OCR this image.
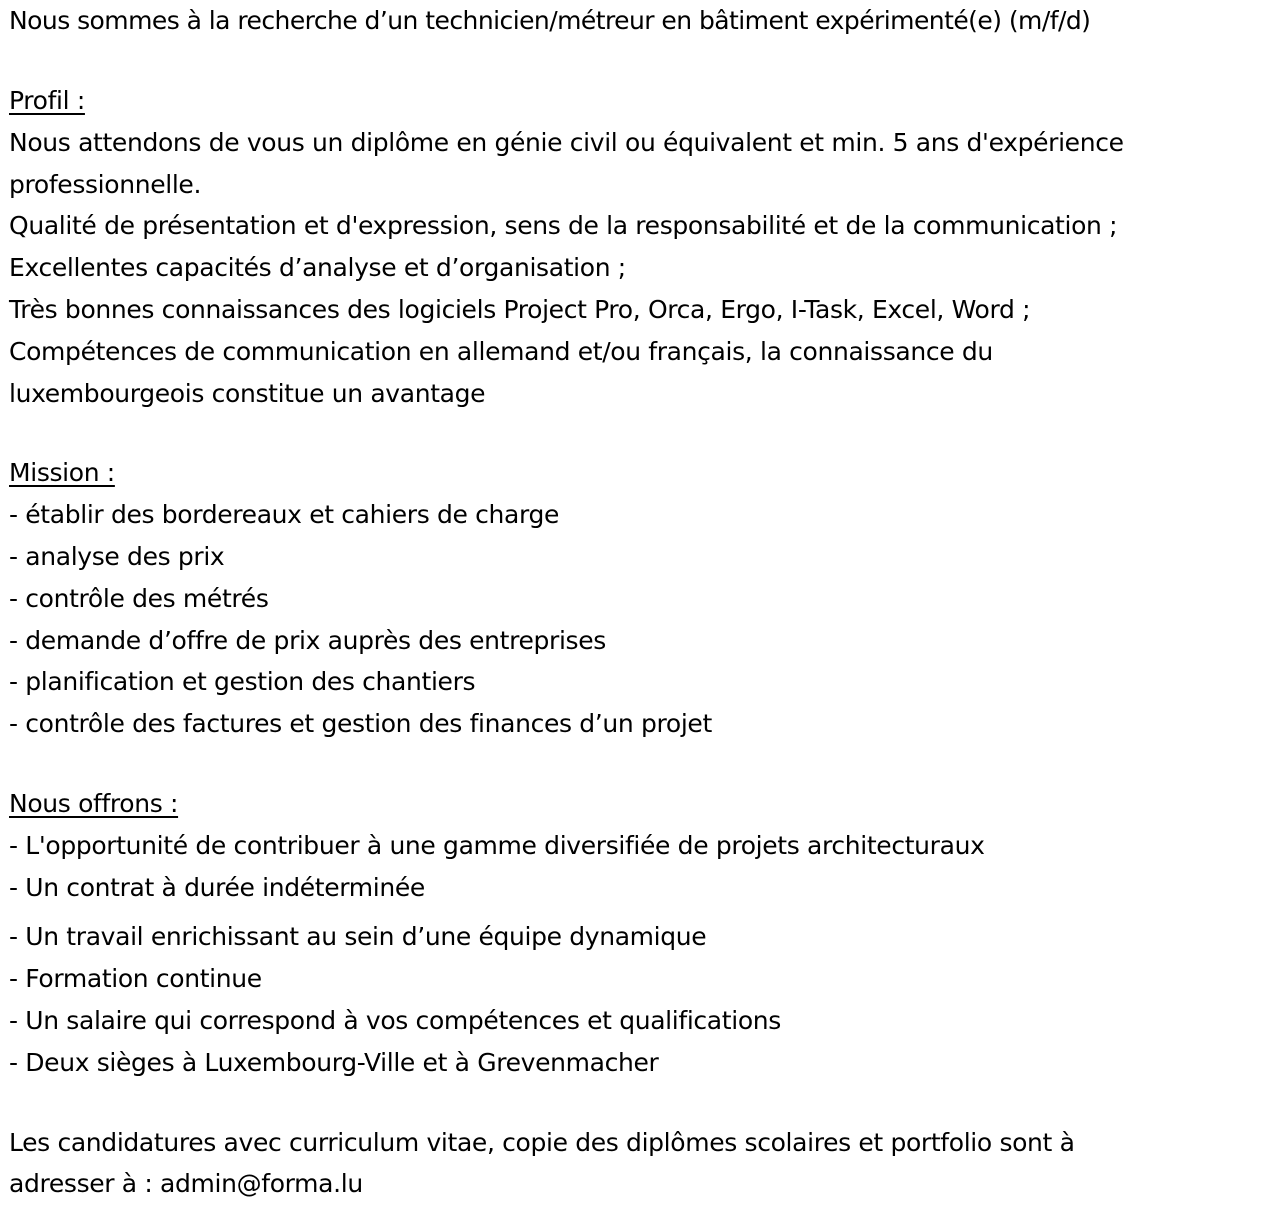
Nous sommes à la recherche d’un technicien/métreur en bâtiment expérimenté(e) (m/f/d)

Profil :

Nous attendons de vous un diplôme en génie civil ou équivalent et min. 5 ans d'expérience

professionnelle.

Qualité de présentation et d'expression, sens de la responsabilité et de la communication ;

Excellentes capacités d’analyse et d’organisation ;

Très bonnes connaissances des logiciels Project Pro, Orca, Ergo, I-Task, Excel, Word ;

Compétences de communication en allemand et/ou français, la connaissance du

luxembourgeois constitue un avantage

Mission :

- établir des bordereaux et cahiers de charge

- analyse des prix

- contrôle des métrés

- demande d’offre de prix auprès des entreprises

- planification et gestion des chantiers

- contrôle des factures et gestion des finances d’un projet

Nous offrons :

- L'opportunité de contribuer à une gamme diversifiée de projets architecturaux

- Un contrat à durée indéterminée

- Un travail enrichissant au sein d’une équipe dynamique

- Formation continue

- Un salaire qui correspond à vos compétences et qualifications

- Deux sièges à Luxembourg-Ville et à Grevenmacher

Les candidatures avec curriculum vitae, copie des diplômes scolaires et portfolio sont à

adresser à : admin@forma.lu
